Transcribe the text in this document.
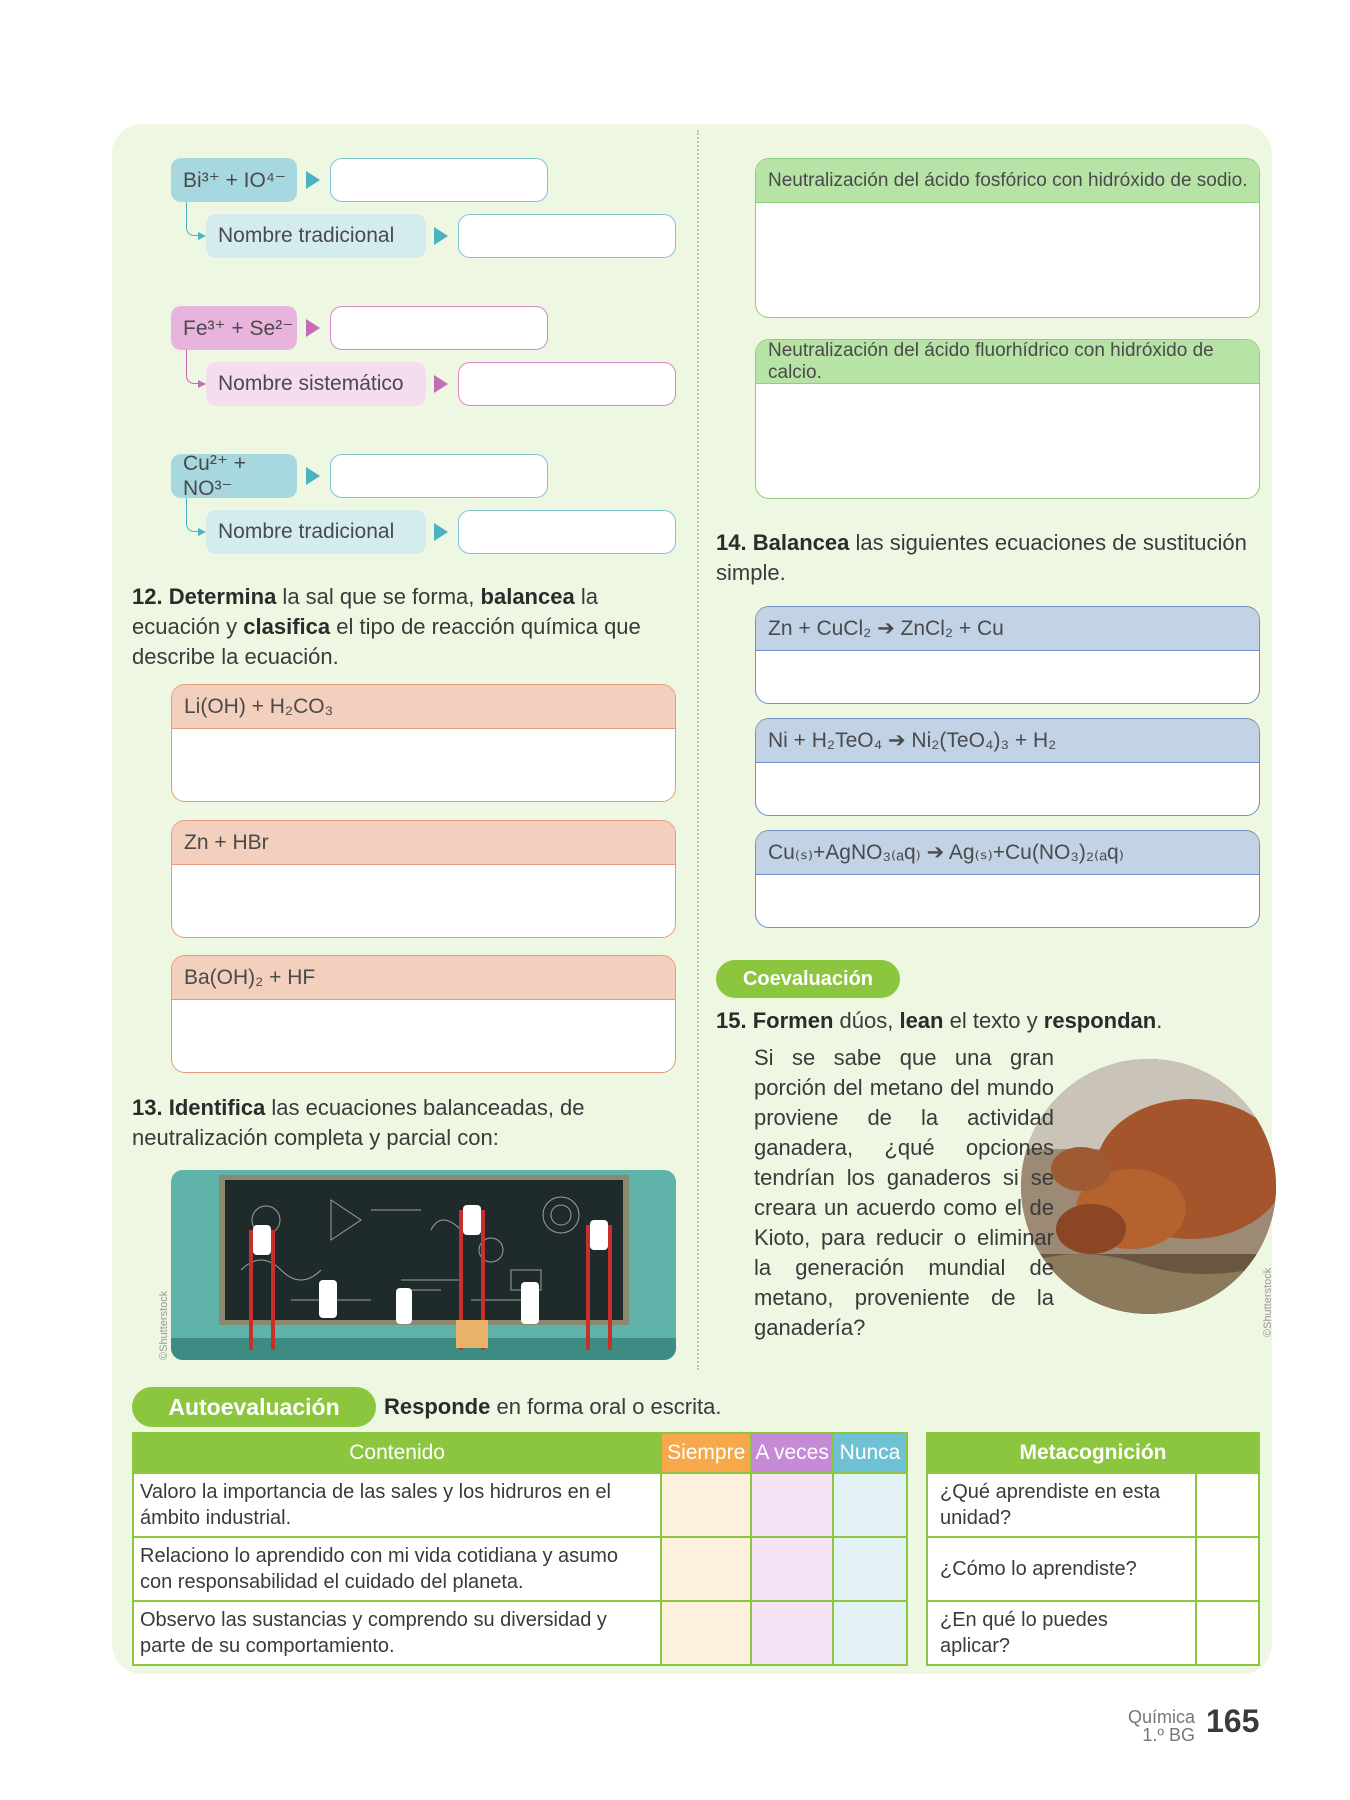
Bi³⁺ + IO⁴⁻
Nombre tradicional
Fe³⁺ + Se²⁻
Nombre sistemático
Cu²⁺ + NO³⁻
Nombre tradicional
12. Determina la sal que se forma, balancea la ecuación y clasifica el tipo de reacción química que describe la ecuación.
Li(OH) + H₂CO₃
Zn + HBr
Ba(OH)₂ + HF
13. Identifica las ecuaciones balanceadas, de neutralización completa y parcial con:
©Shutterstock
Neutralización del ácido fosfórico con hidróxido de sodio.
Neutralización del ácido fluorhídrico con hidróxido de calcio.
14. Balancea las siguientes ecuaciones de sustitución simple.
Zn + CuCl₂ ➔ ZnCl₂ + Cu
Ni + H₂TeO₄ ➔ Ni₂(TeO₄)₃ + H₂
Cu₍ₛ₎+AgNO₃₍ₐq₎ ➔ Ag₍ₛ₎+Cu(NO₃)₂₍ₐq₎
Coevaluación
15. Formen dúos, lean el texto y respondan.
Si se sabe que una gran porción del metano del mundo proviene de la actividad ganadera, ¿qué opciones tendrían los ganaderos si se creara un acuerdo como el de Kioto, para reducir o eliminar la generación mundial de metano, proveniente de la ganadería?	©Shutterstock
Autoevaluación	Responde en forma oral o escrita.
Contenido	Siempre	A veces	Nunca
Valoro la importancia de las sales y los hidruros en el ámbito industrial.			
Relaciono lo aprendido con mi vida cotidiana y asumo con responsabilidad el cuidado del planeta.			
Observo las sustancias y comprendo su diversidad y parte de su comportamiento.			
Metacognición	
¿Qué aprendiste en esta unidad?	
¿Cómo lo aprendiste?	
¿En qué lo puedes aplicar?	
Química
1.º BG 165
